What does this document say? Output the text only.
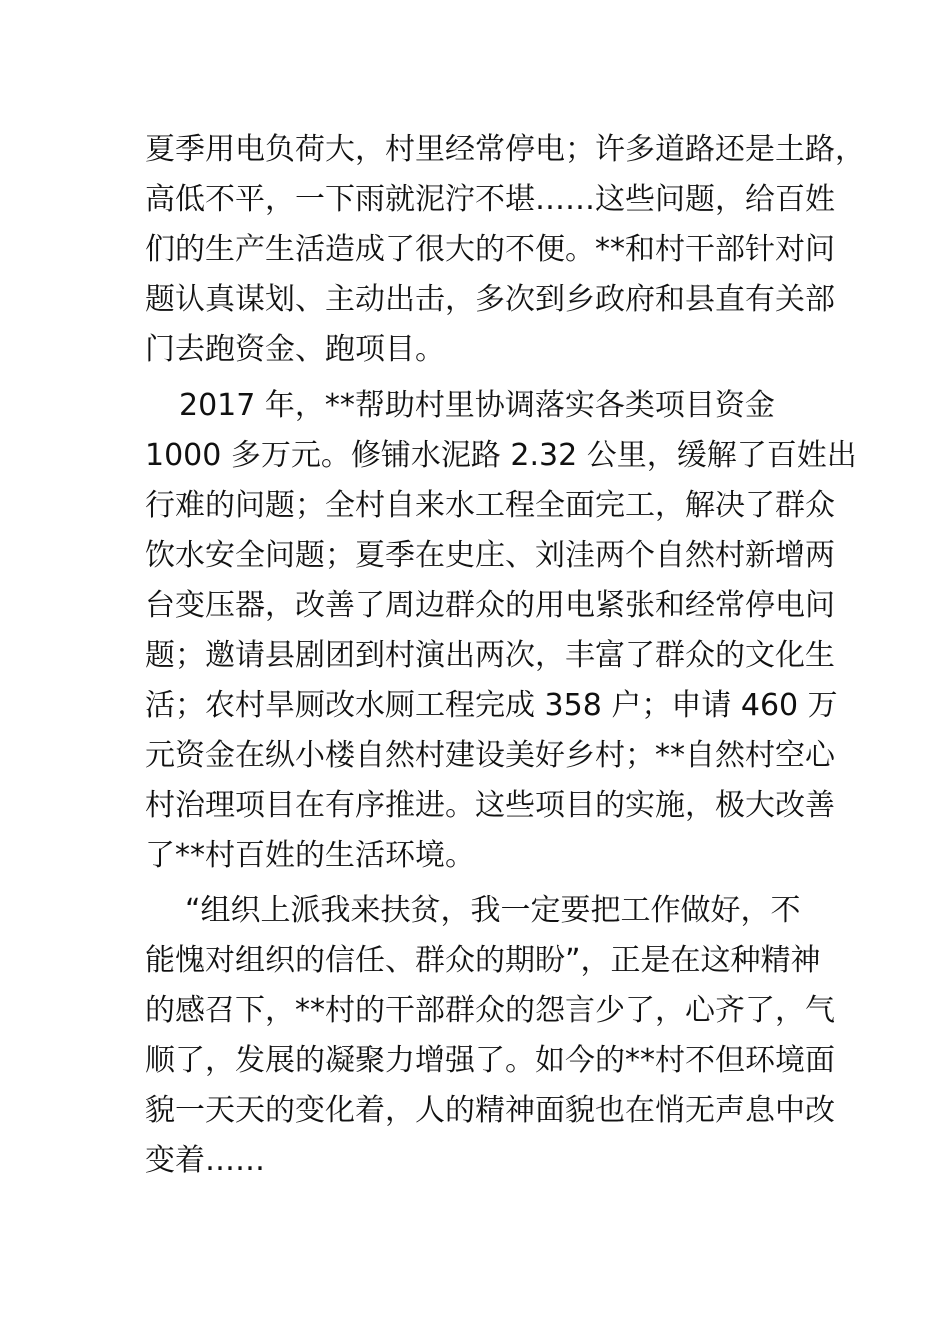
夏季用电负荷大，村里经常停电；许多道路还是土路，
高低不平，一下雨就泥泞不堪……这些问题，给百姓
们的生产生活造成了很大的不便。**和村干部针对问
题认真谋划、主动出击，多次到乡政府和县直有关部
门去跑资金、跑项目。
2017 年，**帮助村里协调落实各类项目资金
1000 多万元。修铺水泥路 2.32 公里，缓解了百姓出
行难的问题；全村自来水工程全面完工，解决了群众
饮水安全问题；夏季在史庄、刘洼两个自然村新增两
台变压器，改善了周边群众的用电紧张和经常停电问
题；邀请县剧团到村演出两次，丰富了群众的文化生
活；农村旱厕改水厕工程完成 358 户；申请 460 万
元资金在纵小楼自然村建设美好乡村；**自然村空心
村治理项目在有序推进。这些项目的实施，极大改善
了**村百姓的生活环境。
“组织上派我来扶贫，我一定要把工作做好，不
能愧对组织的信任、群众的期盼”，正是在这种精神
的感召下，**村的干部群众的怨言少了，心齐了，气
顺了，发展的凝聚力增强了。如今的**村不但环境面
貌一天天的变化着，人的精神面貌也在悄无声息中改
变着……
